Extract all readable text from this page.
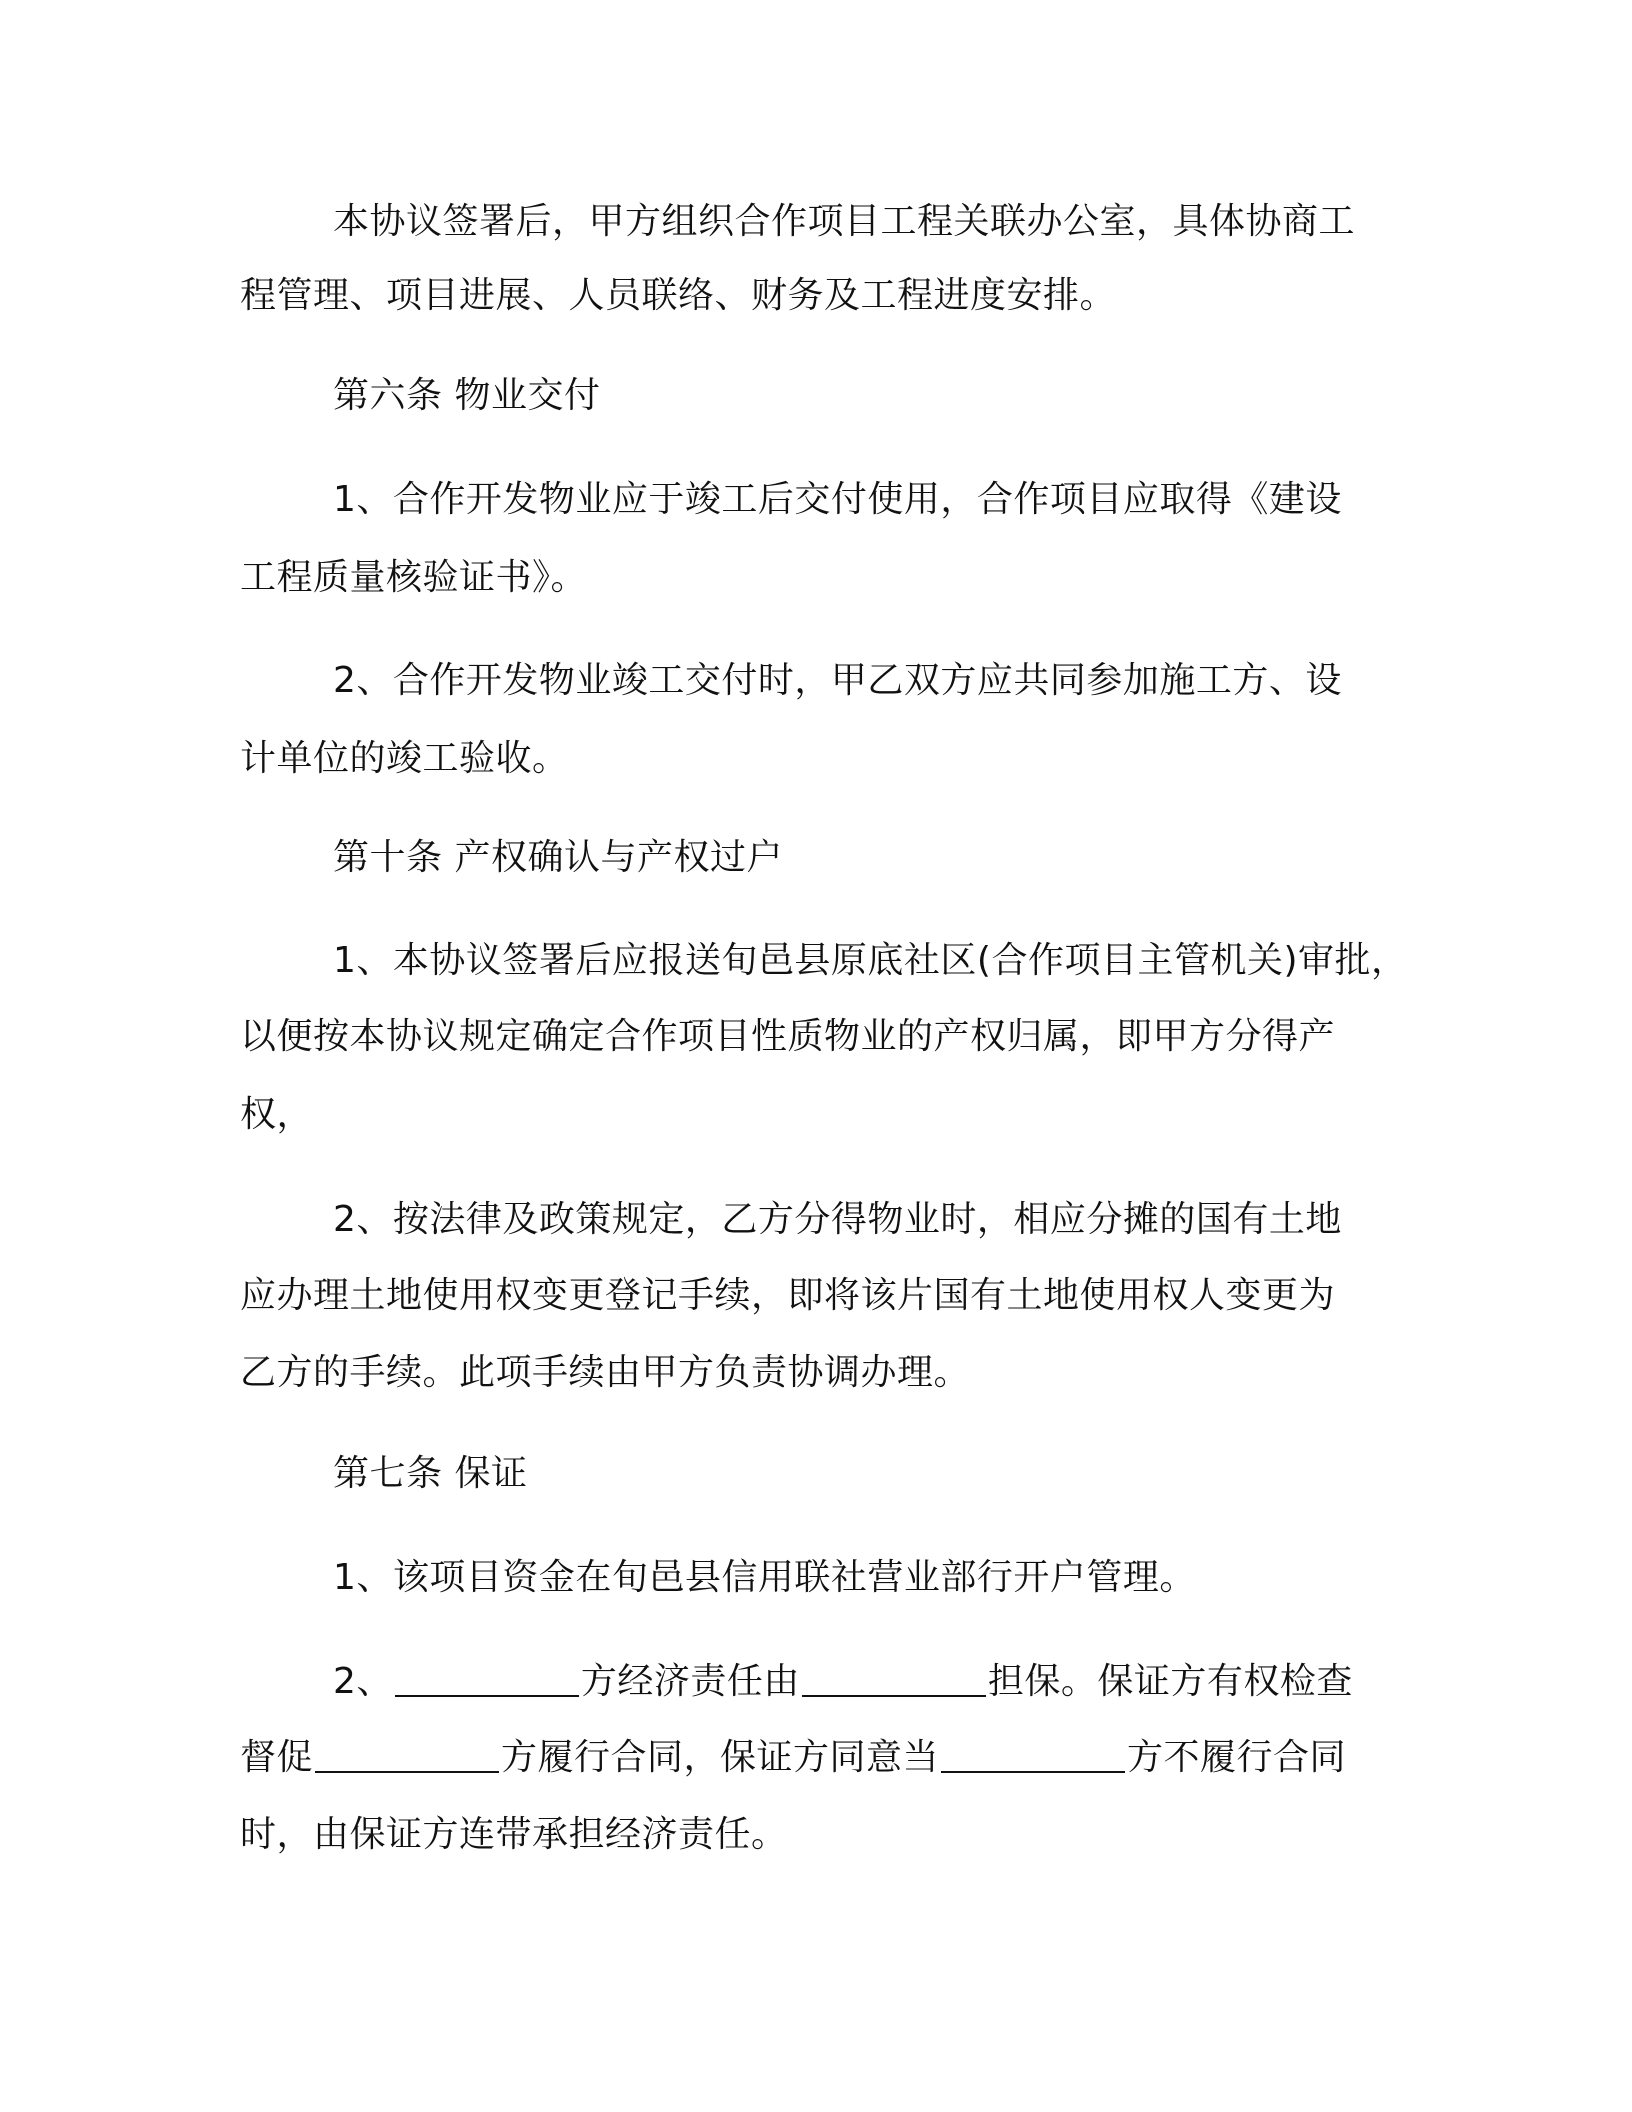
本协议签署后，甲方组织合作项目工程关联办公室，具体协商工
程管理、项目进展、人员联络、财务及工程进度安排。
第六条 物业交付
1、合作开发物业应于竣工后交付使用，合作项目应取得《建设
工程质量核验证书》。
2、合作开发物业竣工交付时，甲乙双方应共同参加施工方、设
计单位的竣工验收。
第十条 产权确认与产权过户
1、本协议签署后应报送旬邑县原底社区(合作项目主管机关)审批，
以便按本协议规定确定合作项目性质物业的产权归属，即甲方分得产
权，
2、按法律及政策规定，乙方分得物业时，相应分摊的国有土地
应办理土地使用权变更登记手续，即将该片国有土地使用权人变更为
乙方的手续。此项手续由甲方负责协调办理。
第七条 保证
1、该项目资金在旬邑县信用联社营业部行开户管理。
2、	方经济责任由	担保。保证方有权检查
督促	方履行合同，保证方同意当	方不履行合同
时，由保证方连带承担经济责任。
